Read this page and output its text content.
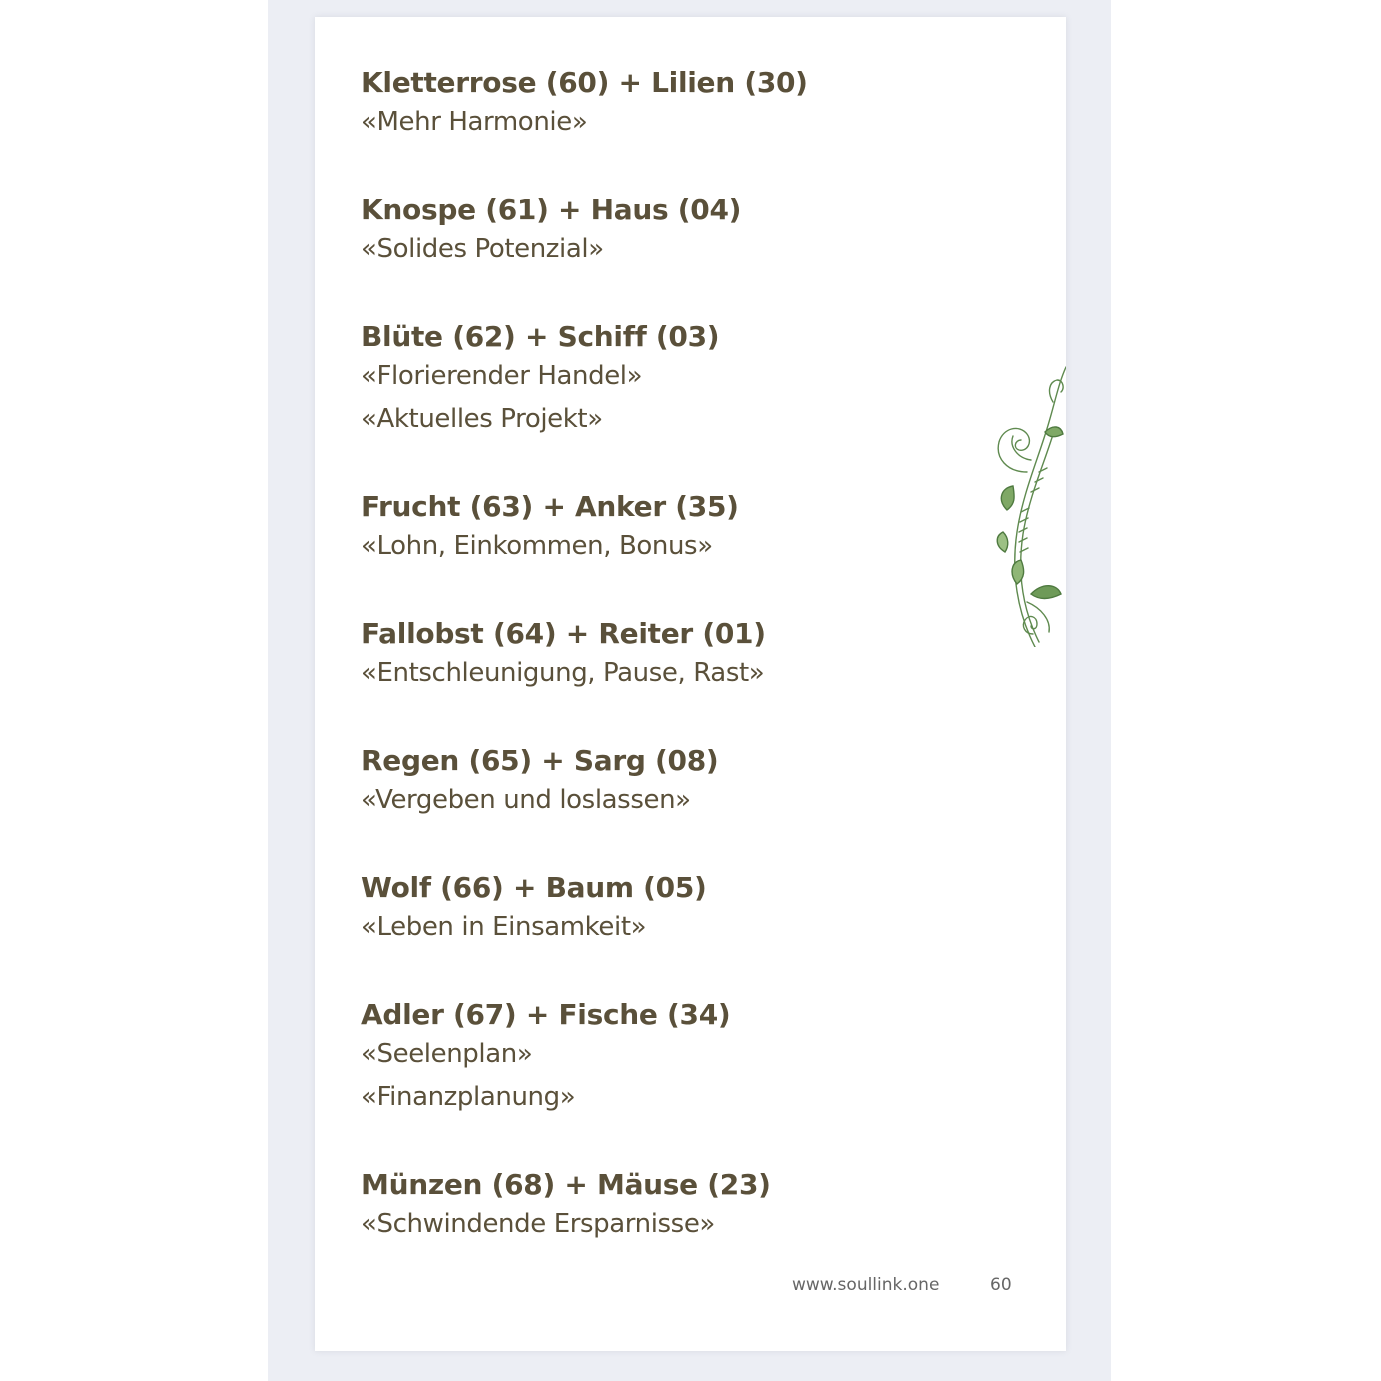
Kletterrose (60) + Lilien (30)
«Mehr Harmonie»
Knospe (61) + Haus (04)
«Solides Potenzial»
Blüte (62) + Schiff (03)
«Florierender Handel»
«Aktuelles Projekt»
Frucht (63) + Anker (35)
«Lohn, Einkommen, Bonus»
Fallobst (64) + Reiter (01)
«Entschleunigung, Pause, Rast»
Regen (65) + Sarg (08)
«Vergeben und loslassen»
Wolf (66) + Baum (05)
«Leben in Einsamkeit»
Adler (67) + Fische (34)
«Seelenplan»
«Finanzplanung»
Münzen (68) + Mäuse (23)
«Schwindende Ersparnisse»
www.soullink.one	60
